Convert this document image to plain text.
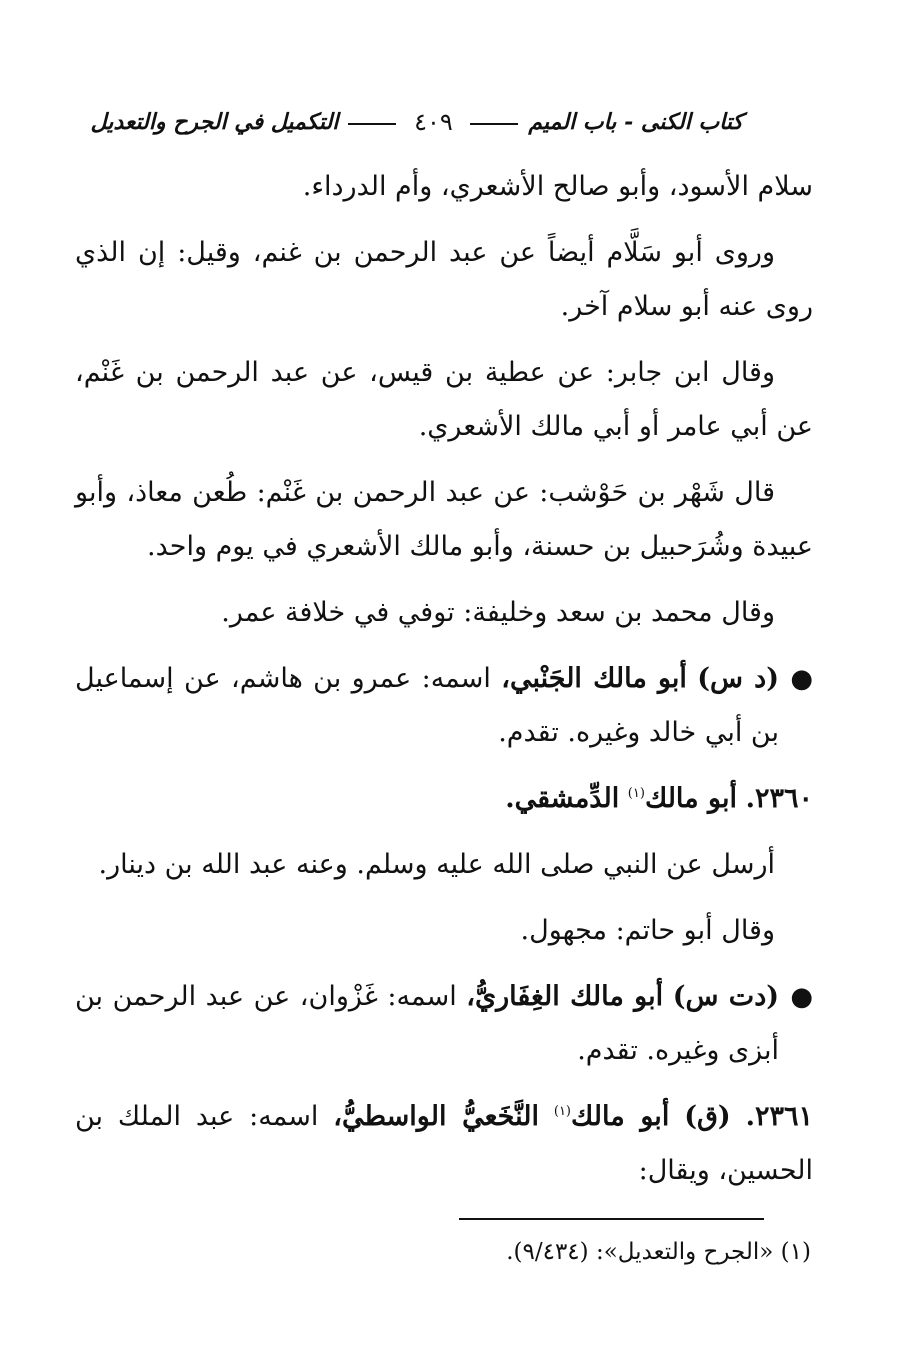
كتاب الكنى - باب الميم
٤٠٩
التكميل في الجرح والتعديل

سلام الأسود، وأبو صالح الأشعري، وأم الدرداء.

وروى أبو سَلَّام أيضاً عن عبد الرحمن بن غنم، وقيل: إن الذي روى عنه أبو سلام آخر.

وقال ابن جابر: عن عطية بن قيس، عن عبد الرحمن بن غَنْم، عن أبي عامر أو أبي مالك الأشعري.

قال شَهْر بن حَوْشب: عن عبد الرحمن بن غَنْم: طُعن معاذ، وأبو عبيدة وشُرَحبيل بن حسنة، وأبو مالك الأشعري في يوم واحد.

وقال محمد بن سعد وخليفة: توفي في خلافة عمر.

●
(د س) أبو مالك الجَنْبي، اسمه: عمرو بن هاشم، عن إسماعيل بن أبي خالد وغيره. تقدم.

٢٣٦٠. أبو مالك$^{(١)}$ الدِّمشقي.

أرسل عن النبي صلى الله عليه وسلم. وعنه عبد الله بن دينار.

وقال أبو حاتم: مجهول.

●
(دت س) أبو مالك الغِفَاريُّ، اسمه: غَزْوان، عن عبد الرحمن بن أبزى وغيره. تقدم.

٢٣٦١. (ق) أبو مالك$^{(١)}$ النَّخَعيُّ الواسطيُّ، اسمه: عبد الملك بن الحسين، ويقال:

(١) «الجرح والتعديل»: (٩/٤٣٤).
